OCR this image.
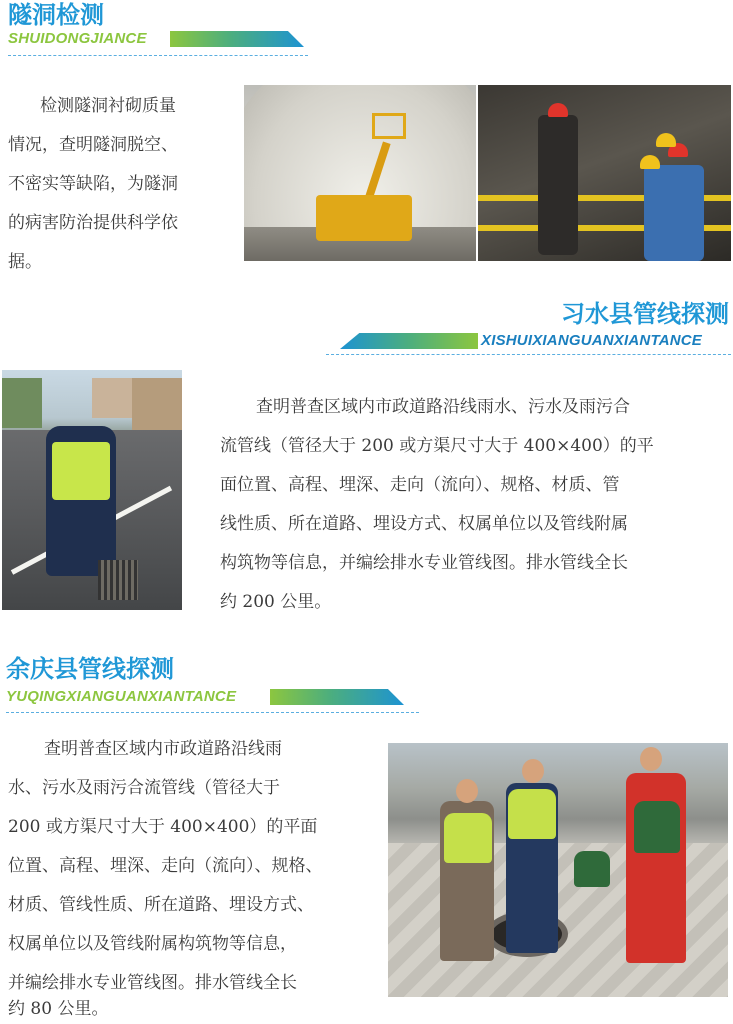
隧洞检测
SHUIDONGJIANCE
检测隧洞衬砌质量
情况，查明隧洞脱空、
不密实等缺陷，为隧洞
的病害防治提供科学依
据。
习水县管线探测
XISHUIXIANGUANXIANTANCE
查明普查区域内市政道路沿线雨水、污水及雨污合
流管线（管径大于 200 或方渠尺寸大于 400×400）的平
面位置、高程、埋深、走向（流向）、规格、材质、管
线性质、所在道路、埋设方式、权属单位以及管线附属
构筑物等信息，并编绘排水专业管线图。排水管线全长
约 200 公里。
余庆县管线探测
YUQINGXIANGUANXIANTANCE
查明普查区域内市政道路沿线雨
水、污水及雨污合流管线（管径大于
200 或方渠尺寸大于 400×400）的平面
位置、高程、埋深、走向（流向）、规格、
材质、管线性质、所在道路、埋设方式、
权属单位以及管线附属构筑物等信息，
并编绘排水专业管线图。排水管线全长
约 80 公里。
